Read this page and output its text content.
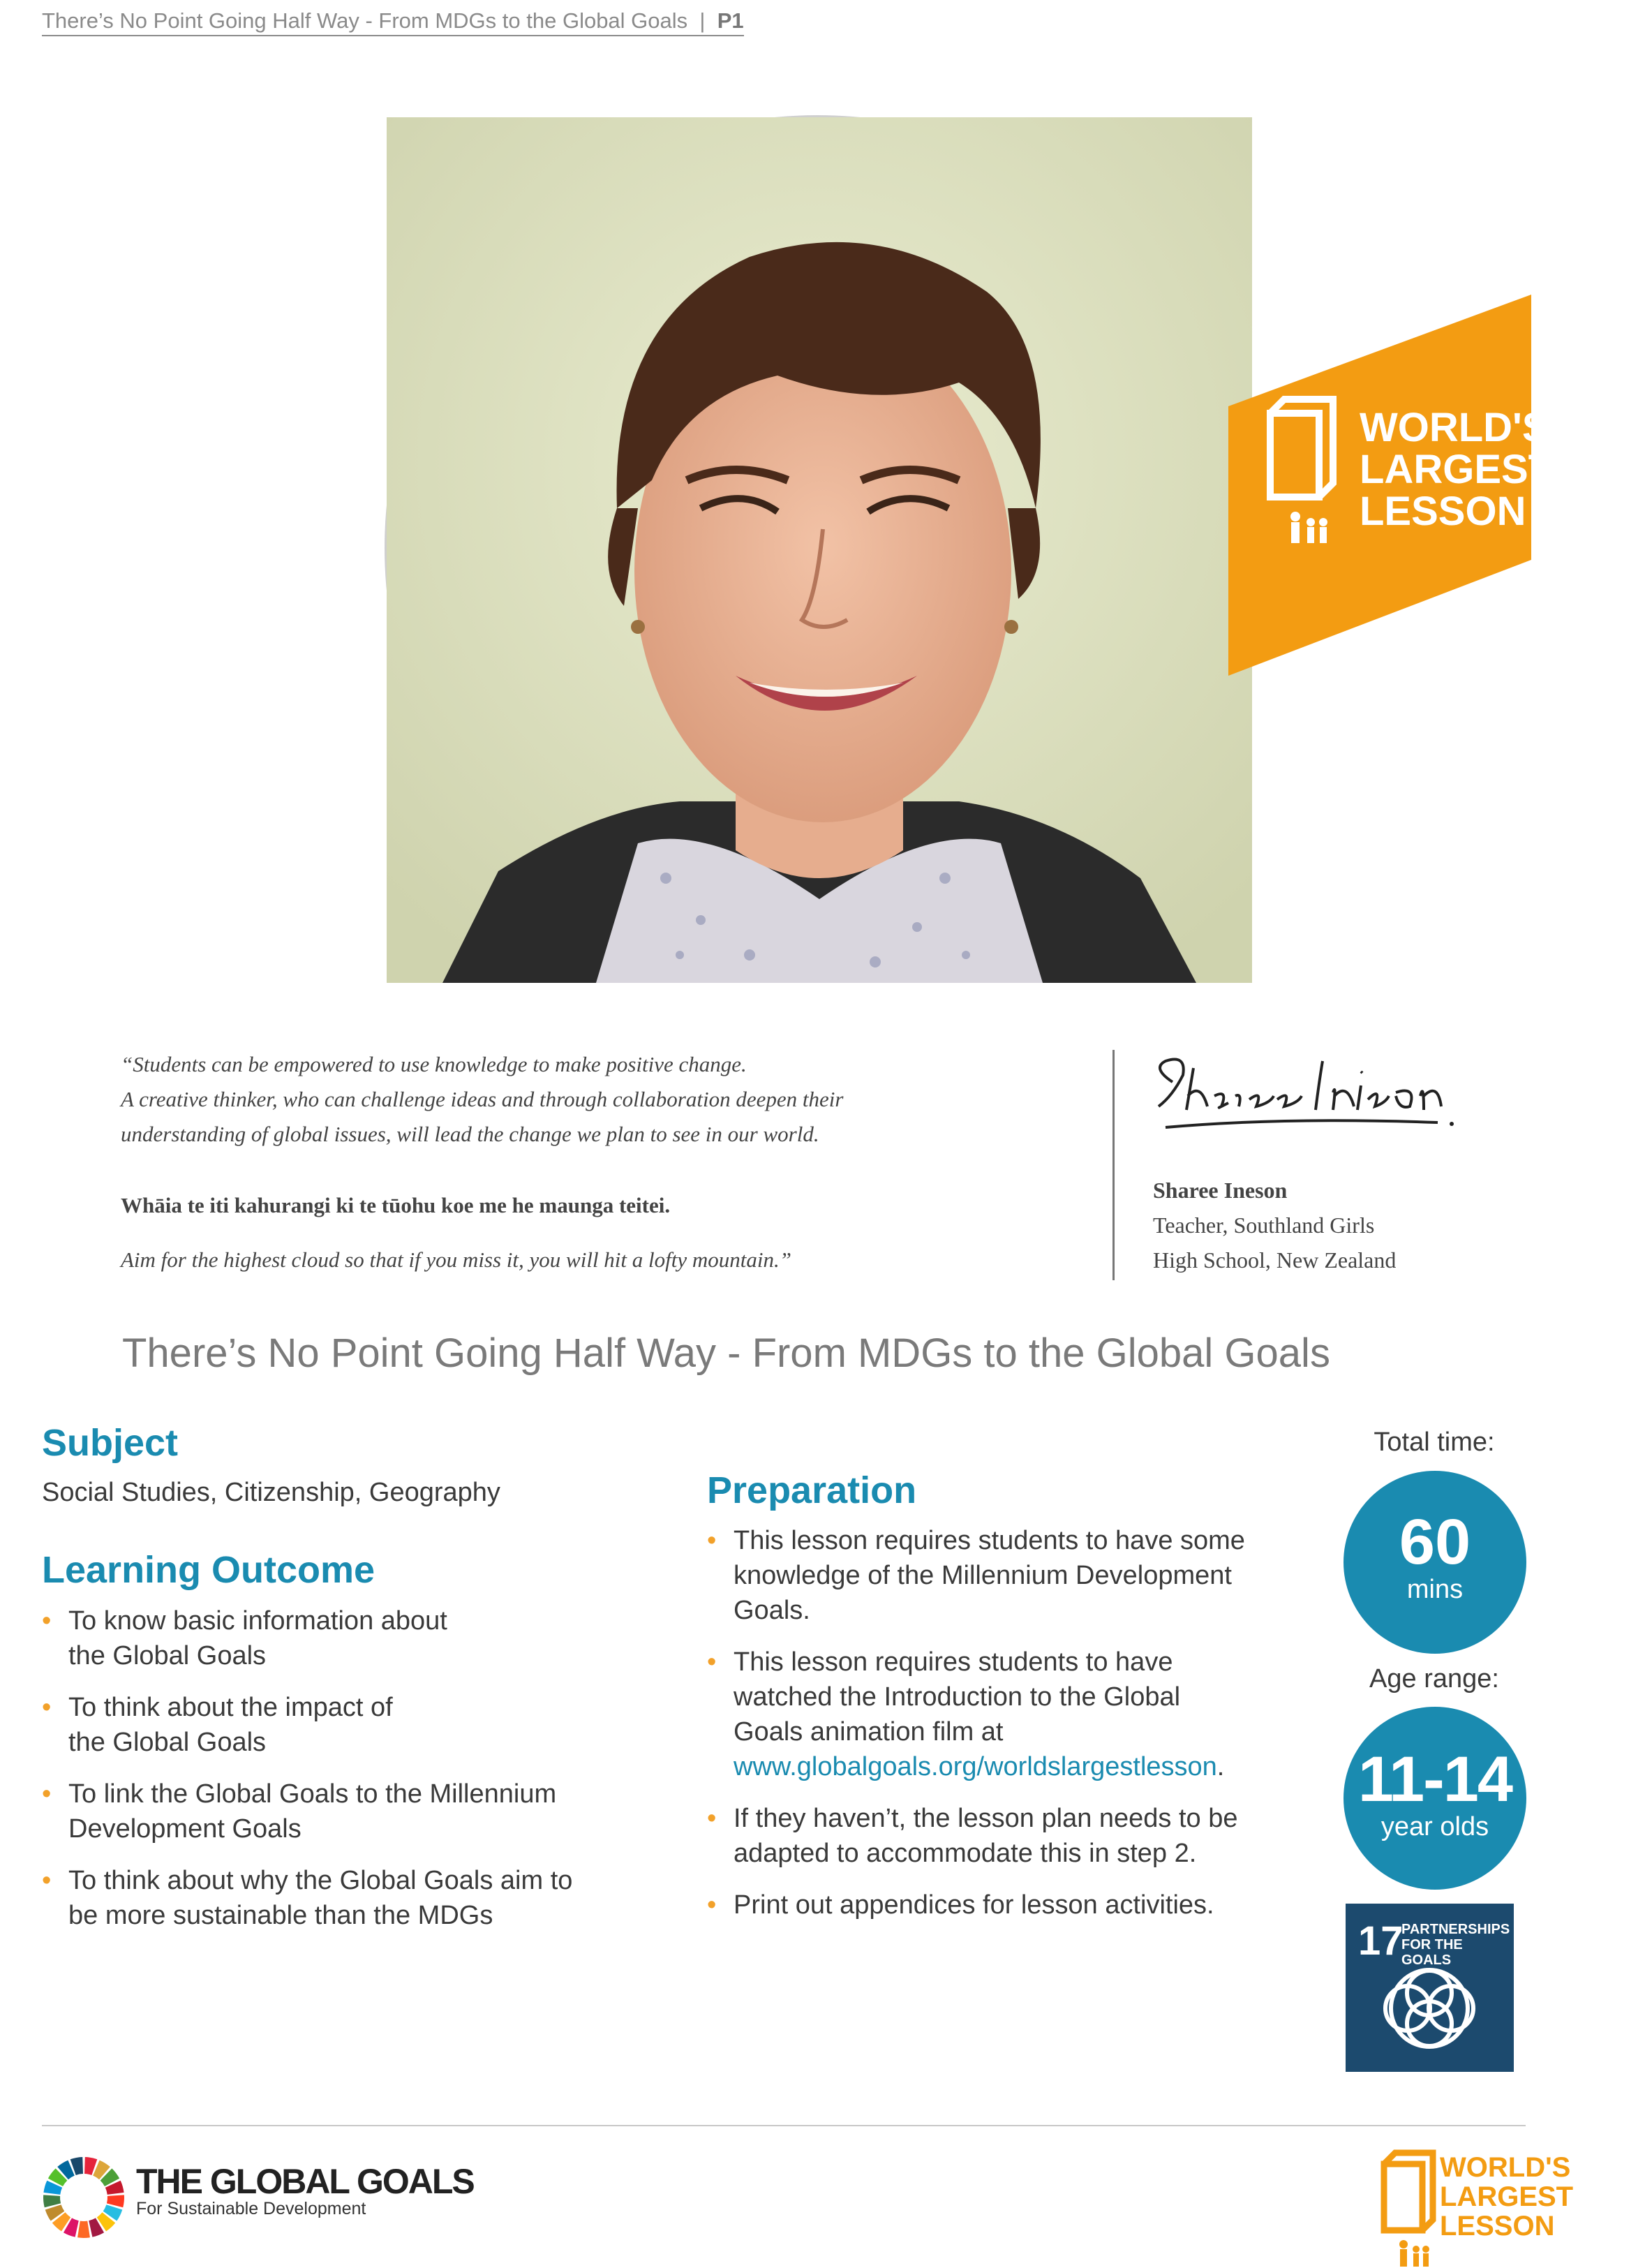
There’s No Point Going Half Way - From MDGs to the Global Goals | P1
WORLD'S
LARGEST
LESSON
“Students can be empowered to use knowledge to make positive change.
A creative thinker, who can challenge ideas and through collaboration deepen their
understanding of global issues, will lead the change we plan to see in our world.
Whāia te iti kahurangi ki te tūohu koe me he maunga teitei.
Aim for the highest cloud so that if you miss it, you will hit a lofty mountain.”
Sharee Ineson
Teacher, Southland Girls
High School, New Zealand
There’s No Point Going Half Way - From MDGs to the Global Goals
Subject
Social Studies, Citizenship, Geography
Learning Outcome
• To know basic information about
the Global Goals
• To think about the impact of
the Global Goals
• To link the Global Goals to the Millennium
Development Goals
• To think about why the Global Goals aim to
be more sustainable than the MDGs
Preparation
• This lesson requires students to have some
knowledge of the Millennium Development
Goals.
• This lesson requires students to have
watched the Introduction to the Global
Goals animation film at
www.globalgoals.org/worldslargestlesson.
• If they haven’t, the lesson plan needs to be
adapted to accommodate this in step 2.
• Print out appendices for lesson activities.
Total time:
60
mins
Age range:
11-14
year olds
17
PARTNERSHIPS
FOR THE GOALS
THE GLOBAL GOALS
For Sustainable Development
WORLD'S
LARGEST
LESSON
